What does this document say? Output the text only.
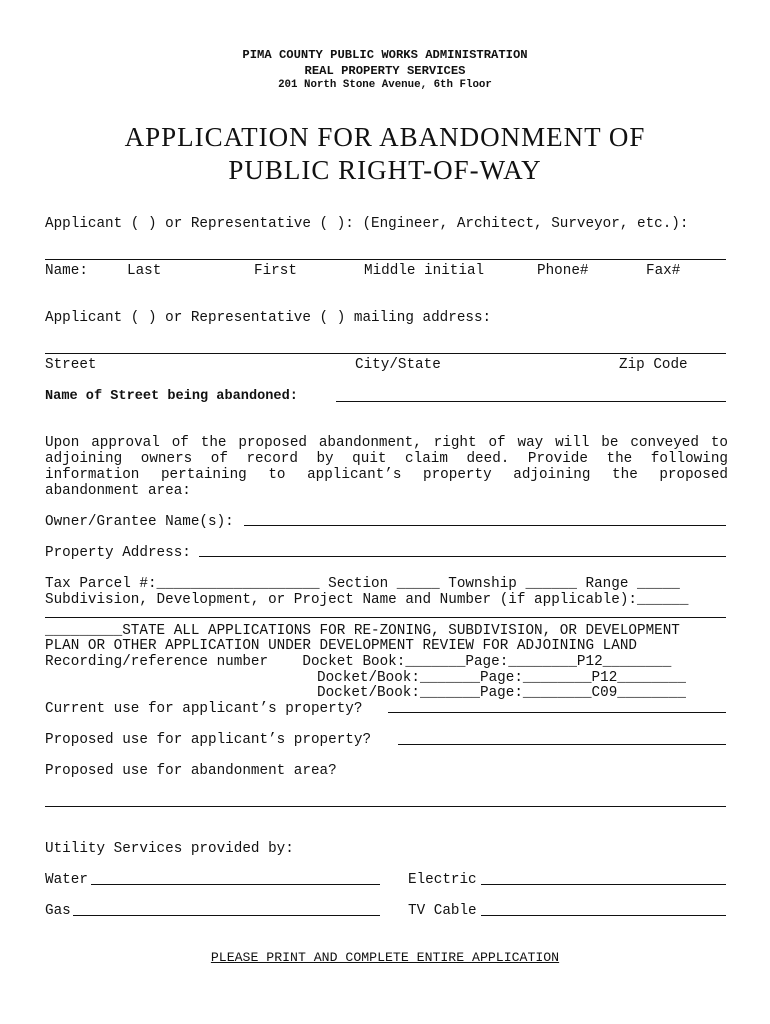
PIMA COUNTY PUBLIC WORKS ADMINISTRATION
REAL PROPERTY SERVICES
201 North Stone Avenue, 6th Floor
APPLICATION FOR ABANDONMENT OF
PUBLIC RIGHT-OF-WAY
Applicant ( ) or Representative ( ): (Engineer, Architect, Surveyor, etc.):
Name:	Last	First	Middle initial	Phone#	Fax#
Applicant ( ) or Representative ( ) mailing address:
Street	City/State	Zip Code
Name of Street being abandoned:
Upon approval of the proposed abandonment, right of way will be conveyed to adjoining owners of record by quit claim deed. Provide the following information pertaining to applicant’s property adjoining the proposed abandonment area:
Owner/Grantee Name(s):
Property Address:
Tax Parcel #:___________________ Section _____ Township ______ Range _____
Subdivision, Development, or Project Name and Number (if applicable):______
_________STATE ALL APPLICATIONS FOR RE-ZONING, SUBDIVISION, OR DEVELOPMENT
PLAN OR OTHER APPLICATION UNDER DEVELOPMENT REVIEW FOR ADJOINING LAND
Recording/reference number    Docket Book:_______Page:________P12________
Docket/Book:_______Page:________P12________
Docket/Book:_______Page:________C09________
Current use for applicant’s property?
Proposed use for applicant’s property?
Proposed use for abandonment area?
Utility Services provided by:
Water	Electric
Gas	TV Cable
PLEASE PRINT AND COMPLETE ENTIRE APPLICATION
